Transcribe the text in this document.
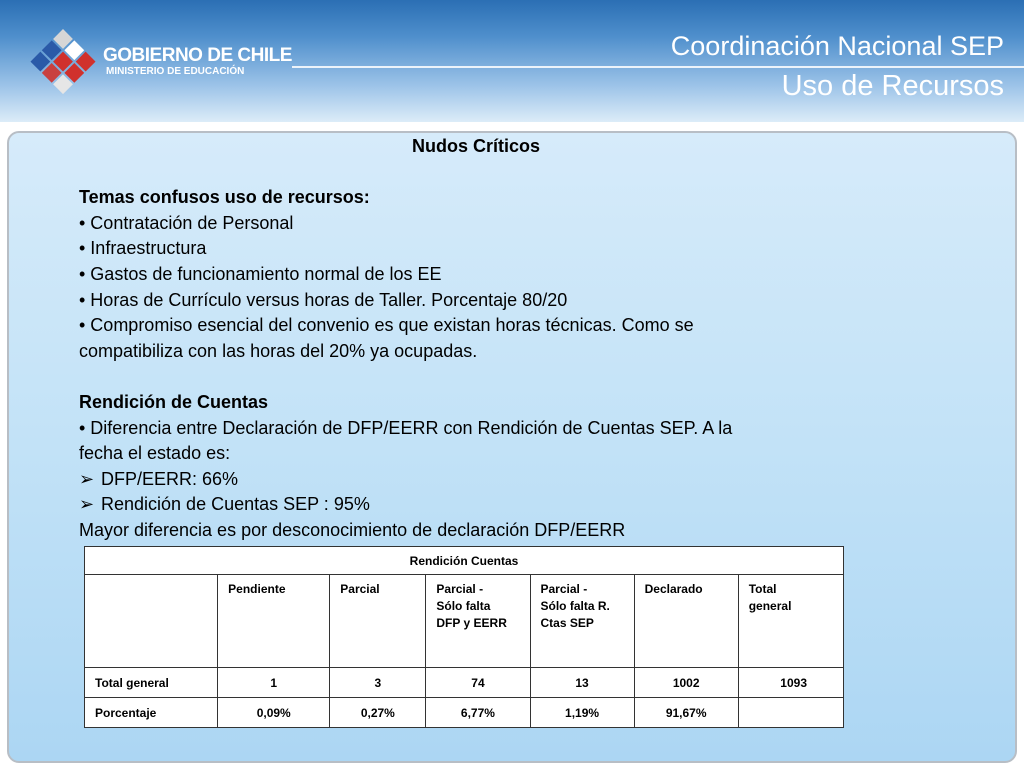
GOBIERNO DE CHILE
MINISTERIO DE EDUCACIÓN
Coordinación Nacional SEP
Uso de Recursos

Nudos Críticos

Temas confusos uso de recursos:

• Contratación de Personal

• Infraestructura

• Gastos de funcionamiento normal de los EE

• Horas de Currículo versus horas de Taller. Porcentaje 80/20

• Compromiso esencial del convenio es que existan horas técnicas. Como se

compatibiliza con las horas del 20% ya ocupadas.

Rendición de Cuentas

• Diferencia entre Declaración de DFP/EERR con Rendición de Cuentas SEP. A la

fecha el estado es:

➢ DFP/EERR: 66%

➢ Rendición de Cuentas SEP : 95%

Mayor diferencia es por desconocimiento de declaración DFP/EERR

Rendición Cuentas						
	Pendiente	Parcial	Parcial -
Sólo falta
DFP y EERR	Parcial -
Sólo falta R.
Ctas SEP	Declarado	Total
general
Total general	1	3	74	13	1002	1093
Porcentaje	0,09%	0,27%	6,77%	1,19%	91,67%	
